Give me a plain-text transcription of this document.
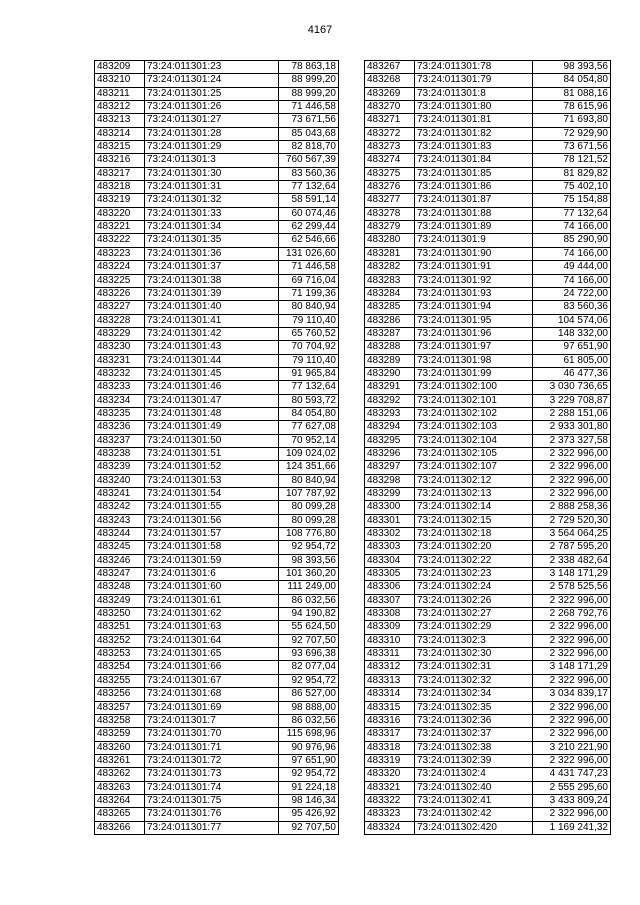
4167
483209	73:24:011301:23	78 863,18
483210	73:24:011301:24	88 999,20
483211	73:24:011301:25	88 999,20
483212	73:24:011301:26	71 446,58
483213	73:24:011301:27	73 671,56
483214	73:24:011301:28	85 043,68
483215	73:24:011301:29	82 818,70
483216	73:24:011301:3	760 567,39
483217	73:24:011301:30	83 560,36
483218	73:24:011301:31	77 132,64
483219	73:24:011301:32	58 591,14
483220	73:24:011301:33	60 074,46
483221	73:24:011301:34	62 299,44
483222	73:24:011301:35	62 546,66
483223	73:24:011301:36	131 026,60
483224	73:24:011301:37	71 446,58
483225	73:24:011301:38	69 716,04
483226	73:24:011301:39	71 199,36
483227	73:24:011301:40	80 840,94
483228	73:24:011301:41	79 110,40
483229	73:24:011301:42	65 760,52
483230	73:24:011301:43	70 704,92
483231	73:24:011301:44	79 110,40
483232	73:24:011301:45	91 965,84
483233	73:24:011301:46	77 132,64
483234	73:24:011301:47	80 593,72
483235	73:24:011301:48	84 054,80
483236	73:24:011301:49	77 627,08
483237	73:24:011301:50	70 952,14
483238	73:24:011301:51	109 024,02
483239	73:24:011301:52	124 351,66
483240	73:24:011301:53	80 840,94
483241	73:24:011301:54	107 787,92
483242	73:24:011301:55	80 099,28
483243	73:24:011301:56	80 099,28
483244	73:24:011301:57	108 776,80
483245	73:24:011301:58	92 954,72
483246	73:24:011301:59	98 393,56
483247	73:24:011301:6	101 360,20
483248	73:24:011301:60	111 249,00
483249	73:24:011301:61	86 032,56
483250	73:24:011301:62	94 190,82
483251	73:24:011301:63	55 624,50
483252	73:24:011301:64	92 707,50
483253	73:24:011301:65	93 696,38
483254	73:24:011301:66	82 077,04
483255	73:24:011301:67	92 954,72
483256	73:24:011301:68	86 527,00
483257	73:24:011301:69	98 888,00
483258	73:24:011301:7	86 032,56
483259	73:24:011301:70	115 698,96
483260	73:24:011301:71	90 976,96
483261	73:24:011301:72	97 651,90
483262	73:24:011301:73	92 954,72
483263	73:24:011301:74	91 224,18
483264	73:24:011301:75	98 146,34
483265	73:24:011301:76	95 426,92
483266	73:24:011301:77	92 707,50
483267	73:24:011301:78	98 393,56
483268	73:24:011301:79	84 054,80
483269	73:24:011301:8	81 088,16
483270	73:24:011301:80	78 615,96
483271	73:24:011301:81	71 693,80
483272	73:24:011301:82	72 929,90
483273	73:24:011301:83	73 671,56
483274	73:24:011301:84	78 121,52
483275	73:24:011301:85	81 829,82
483276	73:24:011301:86	75 402,10
483277	73:24:011301:87	75 154,88
483278	73:24:011301:88	77 132,64
483279	73:24:011301:89	74 166,00
483280	73:24:011301:9	85 290,90
483281	73:24:011301:90	74 166,00
483282	73:24:011301:91	49 444,00
483283	73:24:011301:92	74 166,00
483284	73:24:011301:93	24 722,00
483285	73:24:011301:94	83 560,36
483286	73:24:011301:95	104 574,06
483287	73:24:011301:96	148 332,00
483288	73:24:011301:97	97 651,90
483289	73:24:011301:98	61 805,00
483290	73:24:011301:99	46 477,36
483291	73:24:011302:100	3 030 736,65
483292	73:24:011302:101	3 229 708,87
483293	73:24:011302:102	2 288 151,06
483294	73:24:011302:103	2 933 301,80
483295	73:24:011302:104	2 373 327,58
483296	73:24:011302:105	2 322 996,00
483297	73:24:011302:107	2 322 996,00
483298	73:24:011302:12	2 322 996,00
483299	73:24:011302:13	2 322 996,00
483300	73:24:011302:14	2 888 258,36
483301	73:24:011302:15	2 729 520,30
483302	73:24:011302:18	3 564 064,25
483303	73:24:011302:20	2 787 595,20
483304	73:24:011302:22	2 338 482,64
483305	73:24:011302:23	3 148 171,29
483306	73:24:011302:24	2 578 525,56
483307	73:24:011302:26	2 322 996,00
483308	73:24:011302:27	2 268 792,76
483309	73:24:011302:29	2 322 996,00
483310	73:24:011302:3	2 322 996,00
483311	73:24:011302:30	2 322 996,00
483312	73:24:011302:31	3 148 171,29
483313	73:24:011302:32	2 322 996,00
483314	73:24:011302:34	3 034 839,17
483315	73:24:011302:35	2 322 996,00
483316	73:24:011302:36	2 322 996,00
483317	73:24:011302:37	2 322 996,00
483318	73:24:011302:38	3 210 221,90
483319	73:24:011302:39	2 322 996,00
483320	73:24:011302:4	4 431 747,23
483321	73:24:011302:40	2 555 295,60
483322	73:24:011302:41	3 433 809,24
483323	73:24:011302:42	2 322 996,00
483324	73:24:011302:420	1 169 241,32
